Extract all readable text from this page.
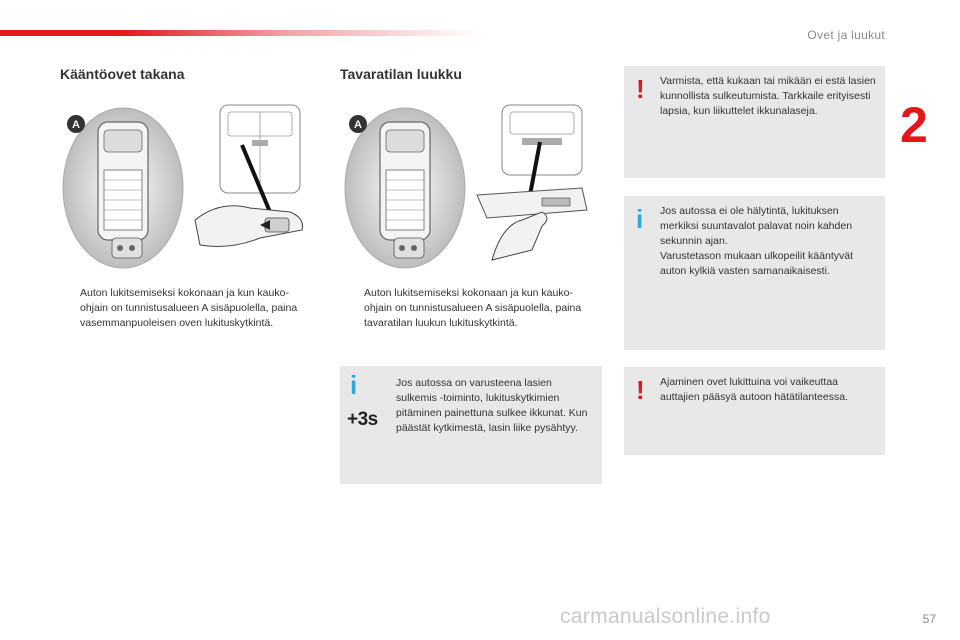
Ovet ja luukut
2
Kääntöovet takana
A
Auton lukitsemiseksi kokonaan ja kun kauko-ohjain on tunnistusalueen A sisäpuolella, paina vasemmanpuoleisen oven lukituskytkintä.
Tavaratilan luukku
A
Auton lukitsemiseksi kokonaan ja kun kauko-ohjain on tunnistusalueen A sisäpuolella, paina tavaratilan luukun lukituskytkintä.
i	Jos autossa on varusteena lasien sulkemis -toiminto, lukituskytkimien pitäminen painettuna sulkee ikkunat. Kun päästät kytkimestä, lasin liike pysähtyy.
+3s
! Varmista, että kukaan tai mikään ei estä lasien kunnollista sulkeutumista. Tarkkaile erityisesti lapsia, kun liikuttelet ikkunalaseja.
i Jos autossa ei ole hälytintä, lukituksen merkiksi suuntavalot palavat noin kahden sekunnin ajan.

Varustetason mukaan ulkopeilit kääntyvät auton kylkiä vasten samanaikaisesti.

! Ajaminen ovet lukittuina voi vaikeuttaa auttajien pääsyä autoon hätätilanteessa.
carmanualsonline.info	57
